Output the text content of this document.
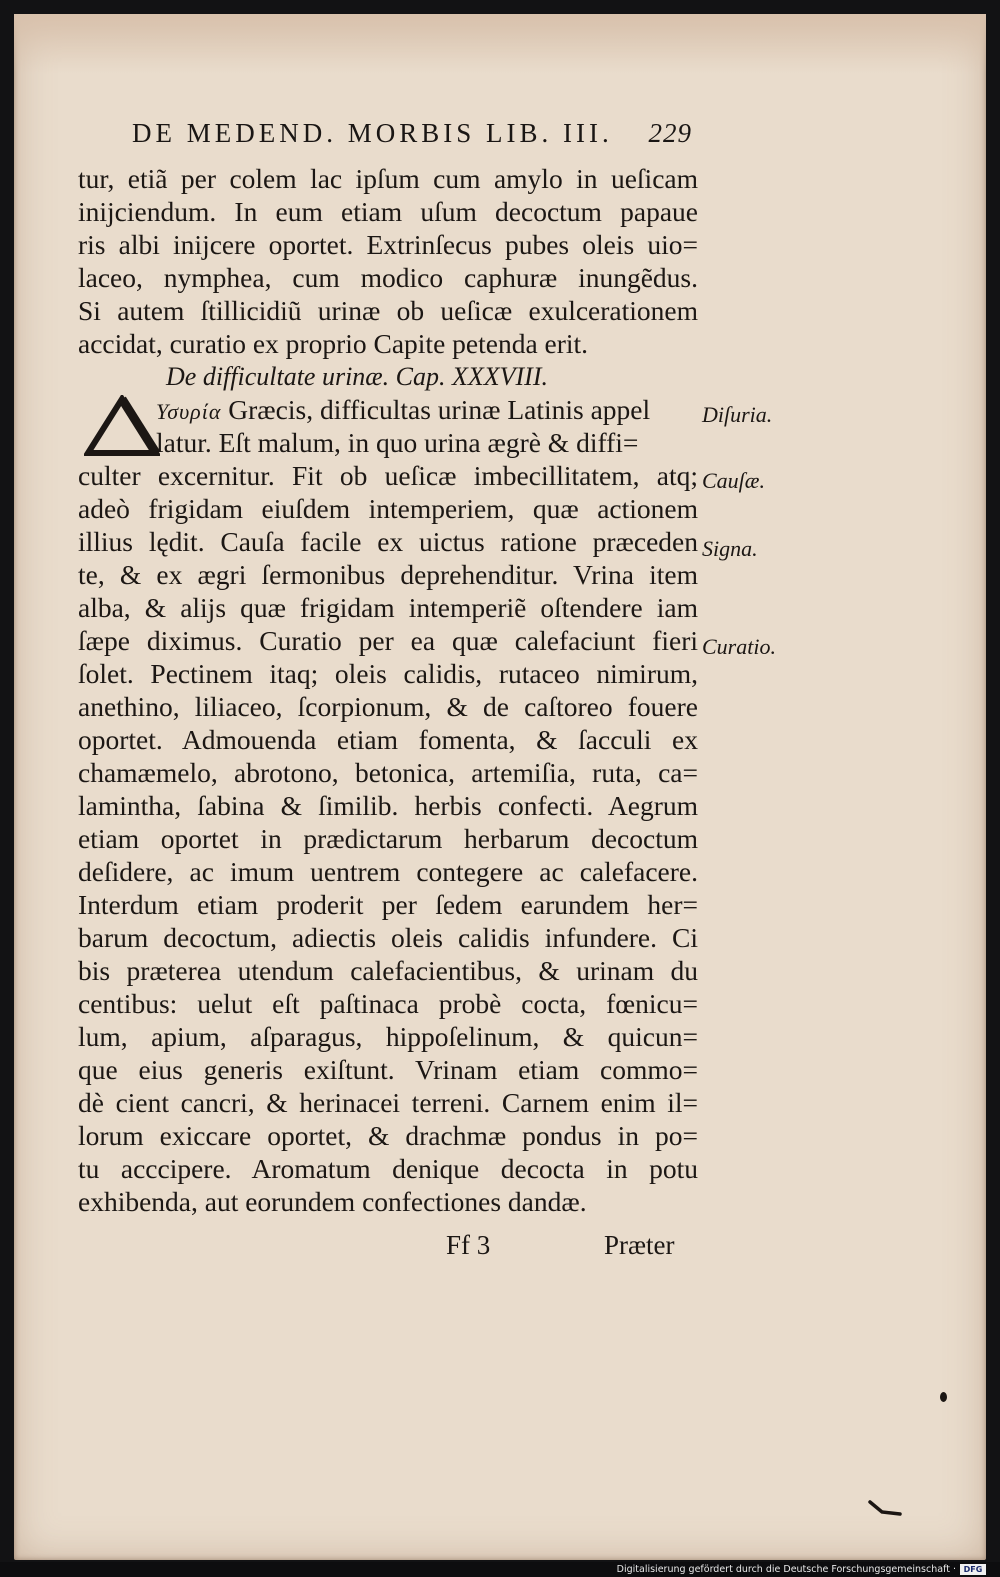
DE MEDEND. MORBIS LIB. III. 229
tur, etiã per colem lac ipſum cum amylo in ueſicam
inijciendum. In eum etiam uſum decoctum papaue
ris albi inijcere oportet. Extrinſecus pubes oleis uio=
laceo, nymphea, cum modico caphuræ inungẽdus.
Si autem ſtillicidiũ urinæ ob ueſicæ exulcerationem
accidat, curatio ex proprio Capite petenda erit.
De difficultate urinæ. Cap. XXXVIII.
Υσυρία Græcis, difficultas urinæ Latinis appel
latur. Eſt malum, in quo urina ægrè & diffi=
culter excernitur. Fit ob ueſicæ imbecillitatem, atq;
adeò frigidam eiuſdem intemperiem, quæ actionem
illius lędit. Cauſa facile ex uictus ratione præceden
te, & ex ægri ſermonibus deprehenditur. Vrina item
alba, & alijs quæ frigidam intemperiẽ oſtendere iam
ſæpe diximus. Curatio per ea quæ calefaciunt fieri
ſolet. Pectinem itaq; oleis calidis, rutaceo nimirum,
anethino, liliaceo, ſcorpionum, & de caſtoreo fouere
oportet. Admouenda etiam fomenta, & ſacculi ex
chamæmelo, abrotono, betonica, artemiſia, ruta, ca=
lamintha, ſabina & ſimilib. herbis confecti. Aegrum
etiam oportet in prædictarum herbarum decoctum
deſidere, ac imum uentrem contegere ac calefacere.
Interdum etiam proderit per ſedem earundem her=
barum decoctum, adiectis oleis calidis infundere. Ci
bis præterea utendum calefacientibus, & urinam du
centibus: uelut eſt paſtinaca probè cocta, fœnicu=
lum, apium, aſparagus, hippoſelinum, & quicun=
que eius generis exiſtunt. Vrinam etiam commo=
dè cient cancri, & herinacei terreni. Carnem enim il=
lorum exiccare oportet, & drachmæ pondus in po=
tu acccipere. Aromatum denique decocta in potu
exhibenda, aut eorundem confectiones dandæ.
Diſuria.
Cauſæ.
Signa.
Curatio.
Ff 3	Præter
Digitalisierung gefördert durch die Deutsche Forschungsgemeinschaft · DFG
